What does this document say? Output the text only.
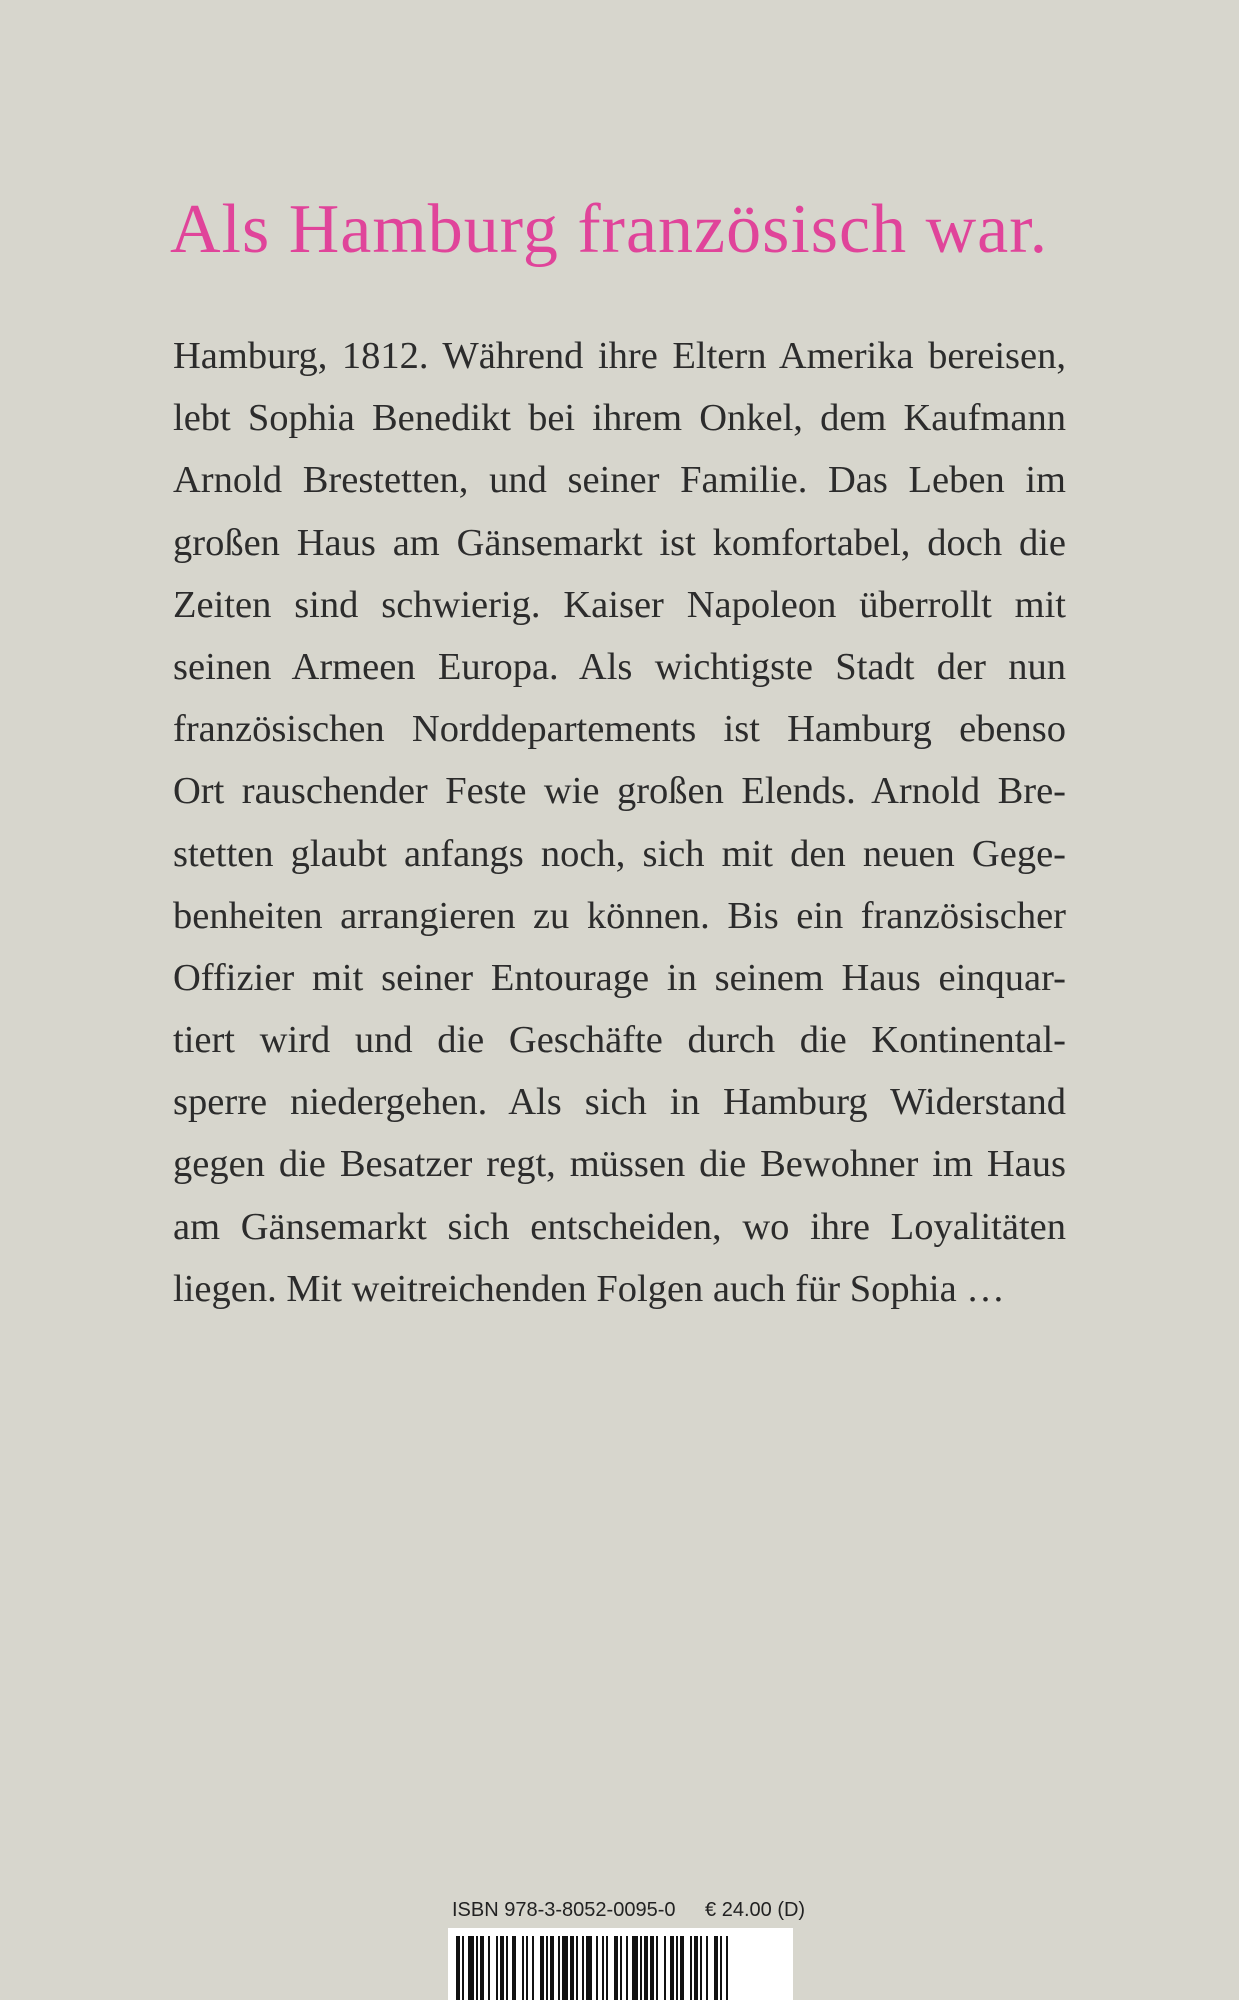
Als Hamburg französisch war.
Hamburg, 1812. Während ihre Eltern Amerika bereisen,
lebt Sophia Benedikt bei ihrem Onkel, dem Kaufmann
Arnold Brestetten, und seiner Familie. Das Leben im
großen Haus am Gänsemarkt ist komfortabel, doch die
Zeiten sind schwierig. Kaiser Napoleon überrollt mit
seinen Armeen Europa. Als wichtigste Stadt der nun
französischen Norddepartements ist Hamburg ebenso
Ort rauschender Feste wie großen Elends. Arnold Bre-
stetten glaubt anfangs noch, sich mit den neuen Gege-
benheiten arrangieren zu können. Bis ein französischer
Offizier mit seiner Entourage in seinem Haus einquar-
tiert wird und die Geschäfte durch die Kontinental-
sperre niedergehen. Als sich in Hamburg Widerstand
gegen die Besatzer regt, müssen die Bewohner im Haus
am Gänsemarkt sich entscheiden, wo ihre Loyalitäten
liegen. Mit weitreichenden Folgen auch für Sophia …
ISBN 978-3-8052-0095-0 € 24.00 (D)
